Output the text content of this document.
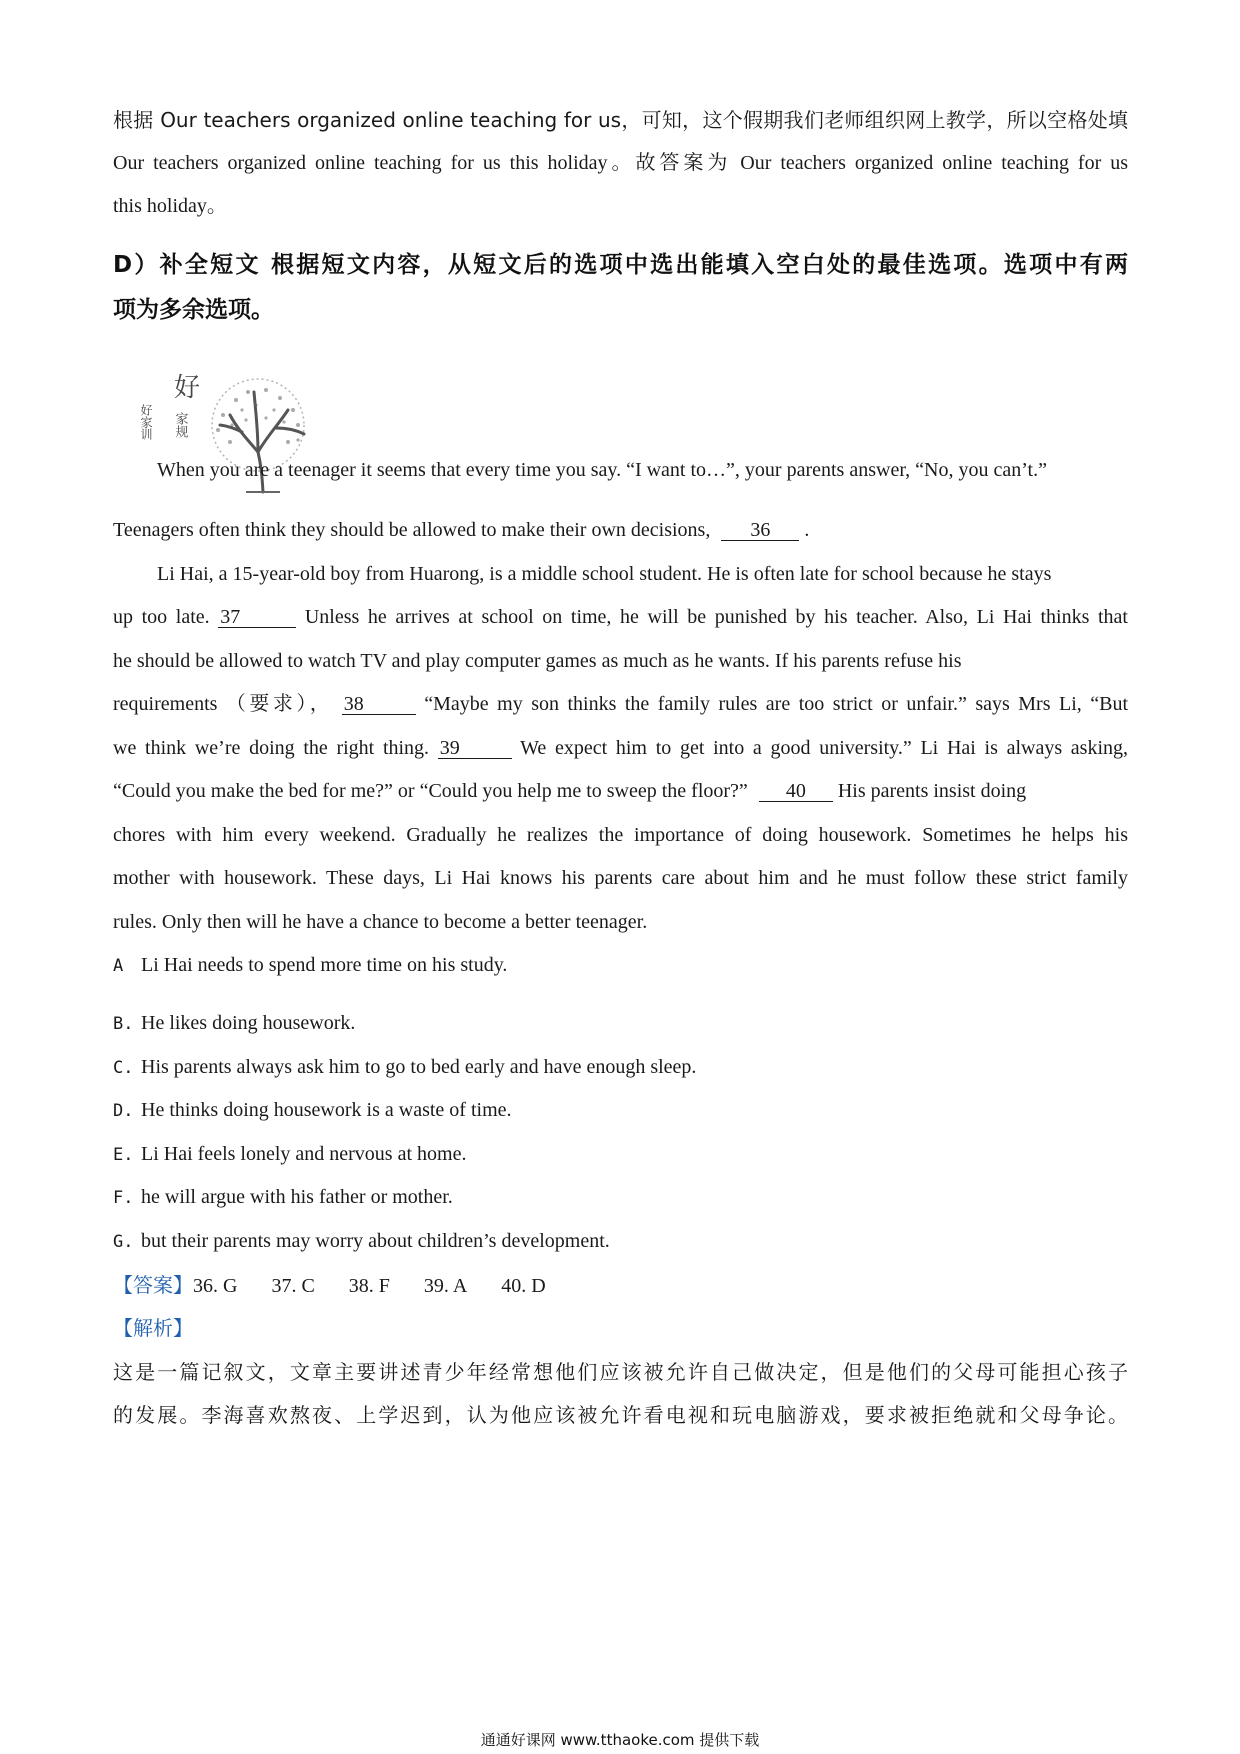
根据 Our teachers organized online teaching for us，可知，这个假期我们老师组织网上教学，所以空格处填
Our teachers organized online teaching for us this holiday。故答案为 Our teachers organized online teaching for us
this holiday。
D）补全短文 根据短文内容，从短文后的选项中选出能填入空白处的最佳选项。选项中有两
项为多余选项。
好
家规
好家训
When you are a teenager it seems that every time you say. “I want to…”, your parents answer, “No, you can’t.”
Teenagers often think they should be allowed to make their own decisions, 36 .
Li Hai, a 15-year-old boy from Huarong, is a middle school student. He is often late for school because he stays
up too late. 37	Unless he arrives at school on time, he will be punished by his teacher. Also, Li Hai thinks that
he should be allowed to watch TV and play computer games as much as he wants. If his parents refuse his
requirements （要求）， 38	“Maybe my son thinks the family rules are too strict or unfair.” says Mrs Li, “But
we think we’re doing the right thing. 39	We expect him to get into a good university.” Li Hai is always asking,
“Could you make the bed for me?” or “Could you help me to sweep the floor?” 40 His parents insist doing
chores with him every weekend. Gradually he realizes the importance of doing housework. Sometimes he helps his
mother with housework. These days, Li Hai knows his parents care about him and he must follow these strict family
rules. Only then will he have a chance to become a better teenager.
A Li Hai needs to spend more time on his study.
B. He likes doing housework.
C. His parents always ask him to go to bed early and have enough sleep.
D. He thinks doing housework is a waste of time.
E. Li Hai feels lonely and nervous at home.
F. he will argue with his father or mother.
G. but their parents may worry about children’s development.
【答案】36. G 37. C 38. F 39. A 40. D
【解析】
这是一篇记叙文，文章主要讲述青少年经常想他们应该被允许自己做决定，但是他们的父母可能担心孩子
的发展。李海喜欢熬夜、上学迟到，认为他应该被允许看电视和玩电脑游戏，要求被拒绝就和父母争论。
通通好课网 www.tthaoke.com 提供下载
